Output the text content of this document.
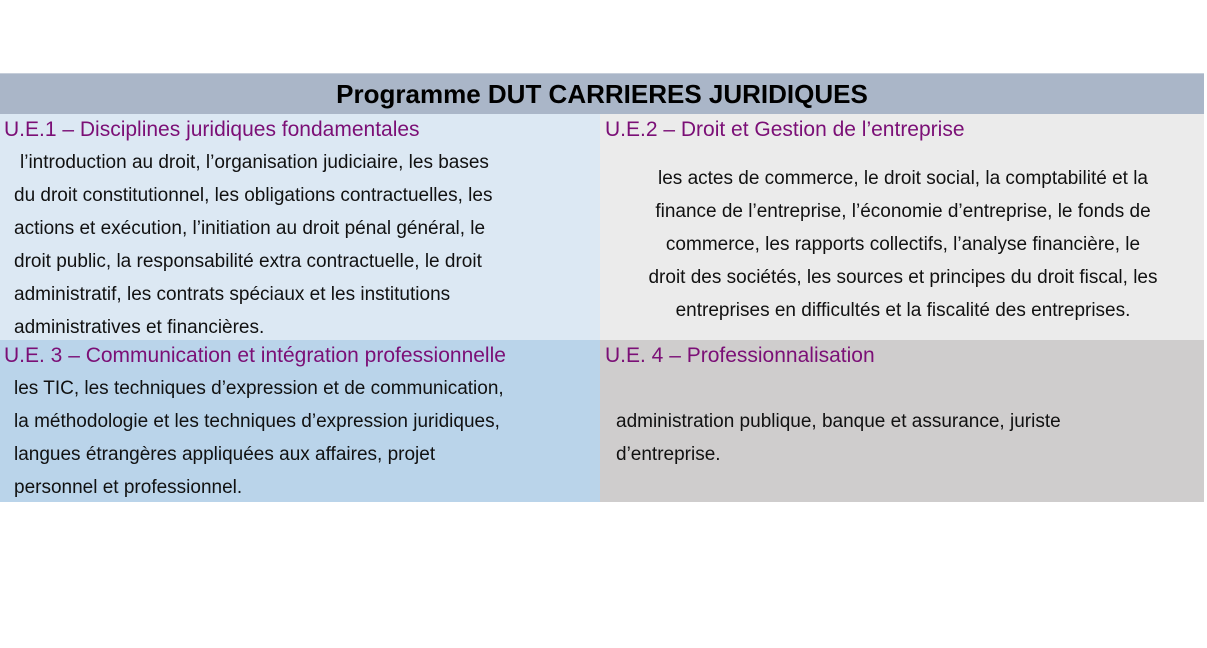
Programme DUT CARRIERES JURIDIQUES
U.E.1 – Disciplines juridiques fondamentales
l’introduction au droit, l’organisation judiciaire, les bases
du droit constitutionnel, les obligations contractuelles, les
actions et exécution, l’initiation au droit pénal général, le
droit public, la responsabilité extra contractuelle, le droit
administratif, les contrats spéciaux et les institutions
administratives et financières.
U.E.2 – Droit et Gestion de l’entreprise
les actes de commerce, le droit social, la comptabilité et la
finance de l’entreprise, l’économie d’entreprise, le fonds de
commerce, les rapports collectifs, l’analyse financière, le
droit des sociétés, les sources et principes du droit fiscal, les
entreprises en difficultés et la fiscalité des entreprises.
U.E. 3 – Communication et intégration professionnelle
les TIC, les techniques d’expression et de communication,
la méthodologie et les techniques d’expression juridiques,
langues étrangères appliquées aux affaires, projet
personnel et professionnel.
U.E. 4 – Professionnalisation
administration publique, banque et assurance, juriste
d’entreprise.
